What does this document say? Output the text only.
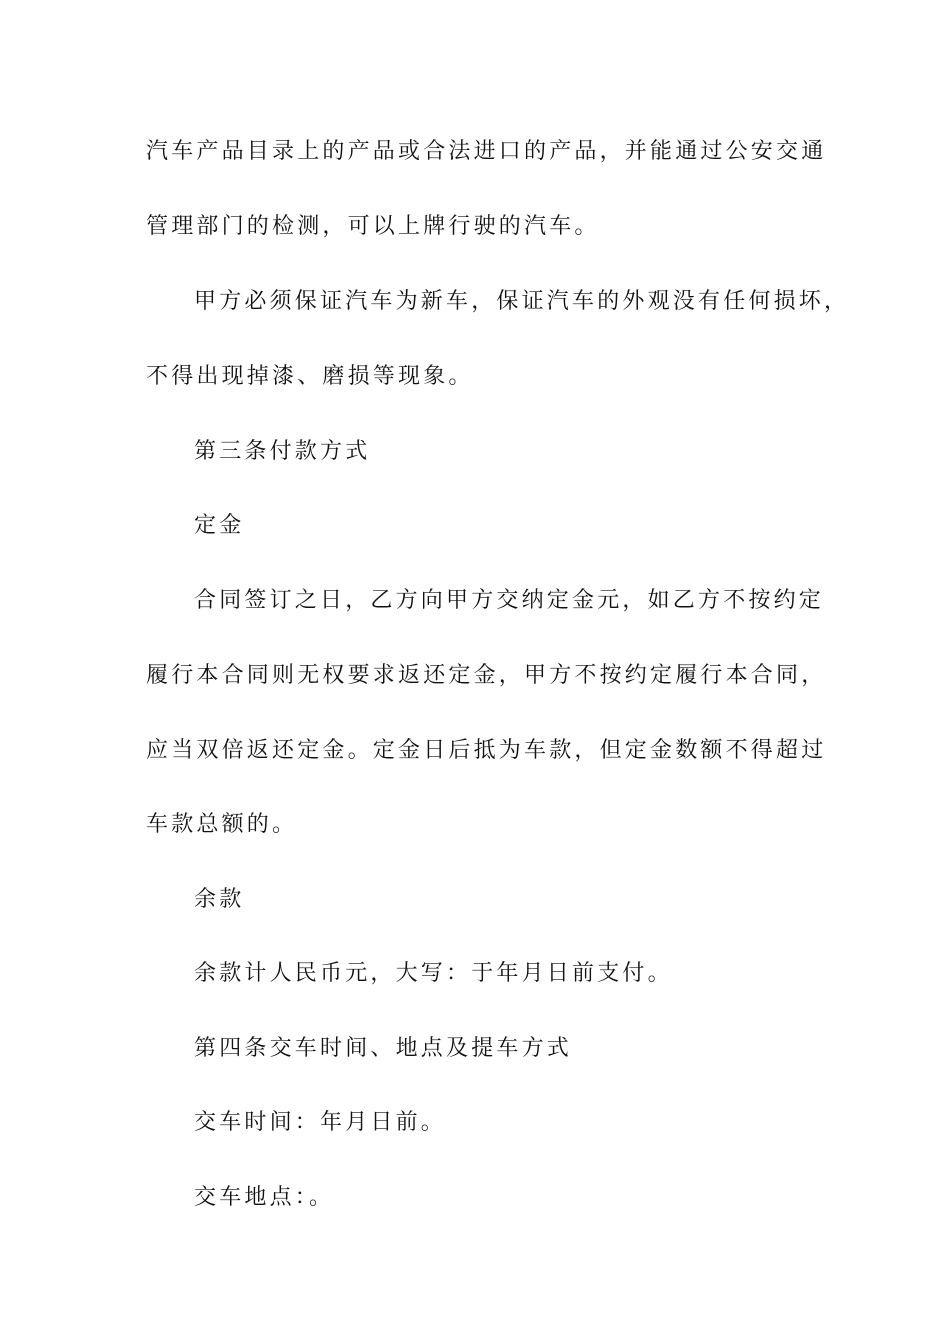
汽车产品目录上的产品或合法进口的产品，并能通过公安交通
管理部门的检测，可以上牌行驶的汽车。
甲方必须保证汽车为新车，保证汽车的外观没有任何损坏，
不得出现掉漆、磨损等现象。
第三条付款方式
定金
合同签订之日，乙方向甲方交纳定金元，如乙方不按约定
履行本合同则无权要求返还定金，甲方不按约定履行本合同，
应当双倍返还定金。定金日后抵为车款，但定金数额不得超过
车款总额的。
余款
余款计人民币元，大写：于年月日前支付。
第四条交车时间、地点及提车方式
交车时间：年月日前。
交车地点：。
